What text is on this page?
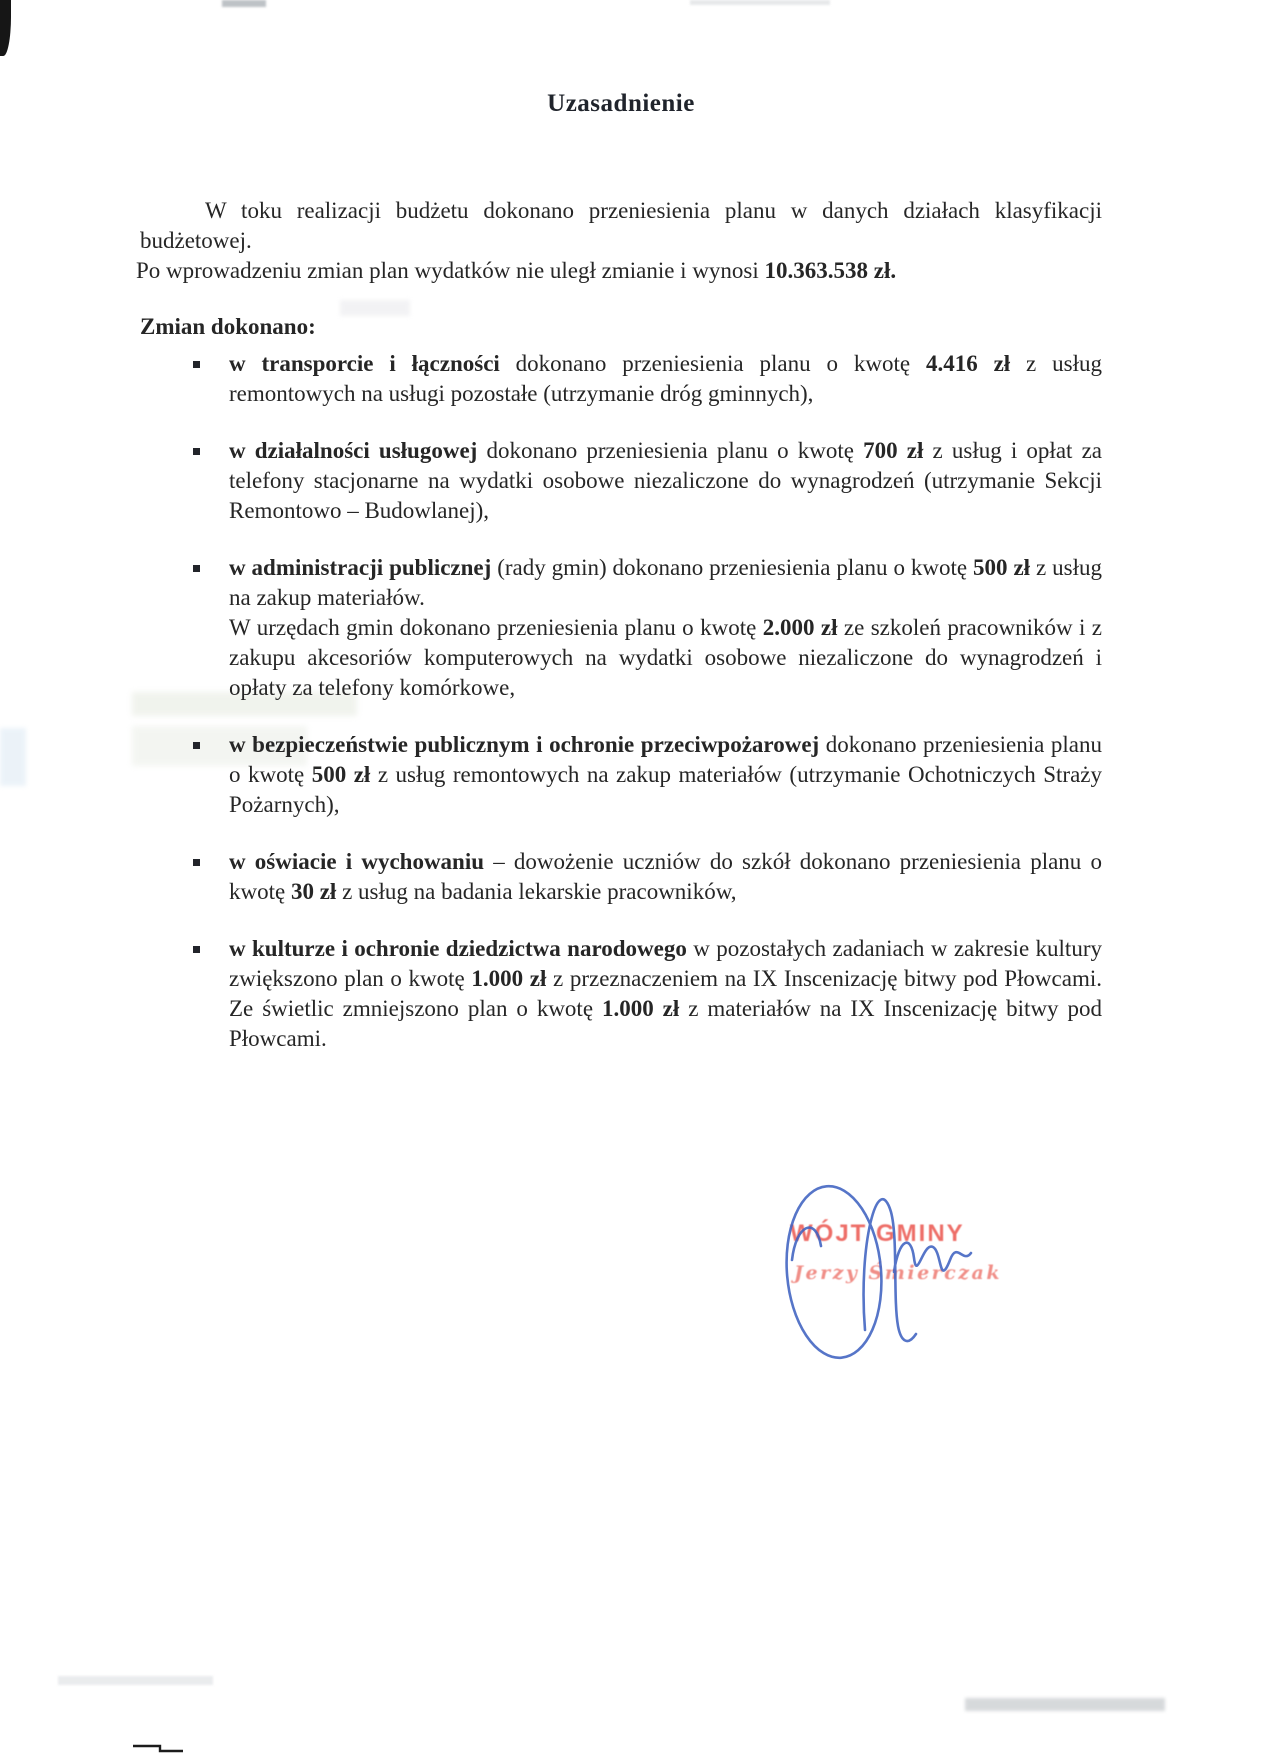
Uzasadnienie

W toku realizacji budżetu dokonano przeniesienia planu w danych działach klasyfikacji budżetowej.

Po wprowadzeniu zmian plan wydatków nie uległ zmianie i wynosi 10.363.538 zł.

Zmian dokonano:
w transporcie i łączności dokonano przeniesienia planu o kwotę 4.416 zł z usług remontowych na usługi pozostałe (utrzymanie dróg gminnych),
w działalności usługowej dokonano przeniesienia planu o kwotę 700 zł z usług i opłat za telefony stacjonarne na wydatki osobowe niezaliczone do wynagrodzeń (utrzymanie Sekcji Remontowo – Budowlanej),
w administracji publicznej (rady gmin) dokonano przeniesienia planu o kwotę 500 zł z usług na zakup materiałów.
W urzędach gmin dokonano przeniesienia planu o kwotę 2.000 zł ze szkoleń pracowników i z zakupu akcesoriów komputerowych na wydatki osobowe niezaliczone do wynagrodzeń i opłaty za telefony komórkowe,
w bezpieczeństwie publicznym i ochronie przeciwpożarowej dokonano przeniesienia planu o kwotę 500 zł z usług remontowych na zakup materiałów (utrzymanie Ochotniczych Straży Pożarnych),
w oświacie i wychowaniu – dowożenie uczniów do szkół dokonano przeniesienia planu o kwotę 30 zł z usług na badania lekarskie pracowników,
w kulturze i ochronie dziedzictwa narodowego w pozostałych zadaniach w zakresie kultury zwiększono plan o kwotę 1.000 zł z przeznaczeniem na IX Inscenizację bitwy pod Płowcami. Ze świetlic zmniejszono plan o kwotę 1.000 zł z materiałów na IX Inscenizację bitwy pod Płowcami.
WÓJT GMINY
Jerzy Śmierczak
